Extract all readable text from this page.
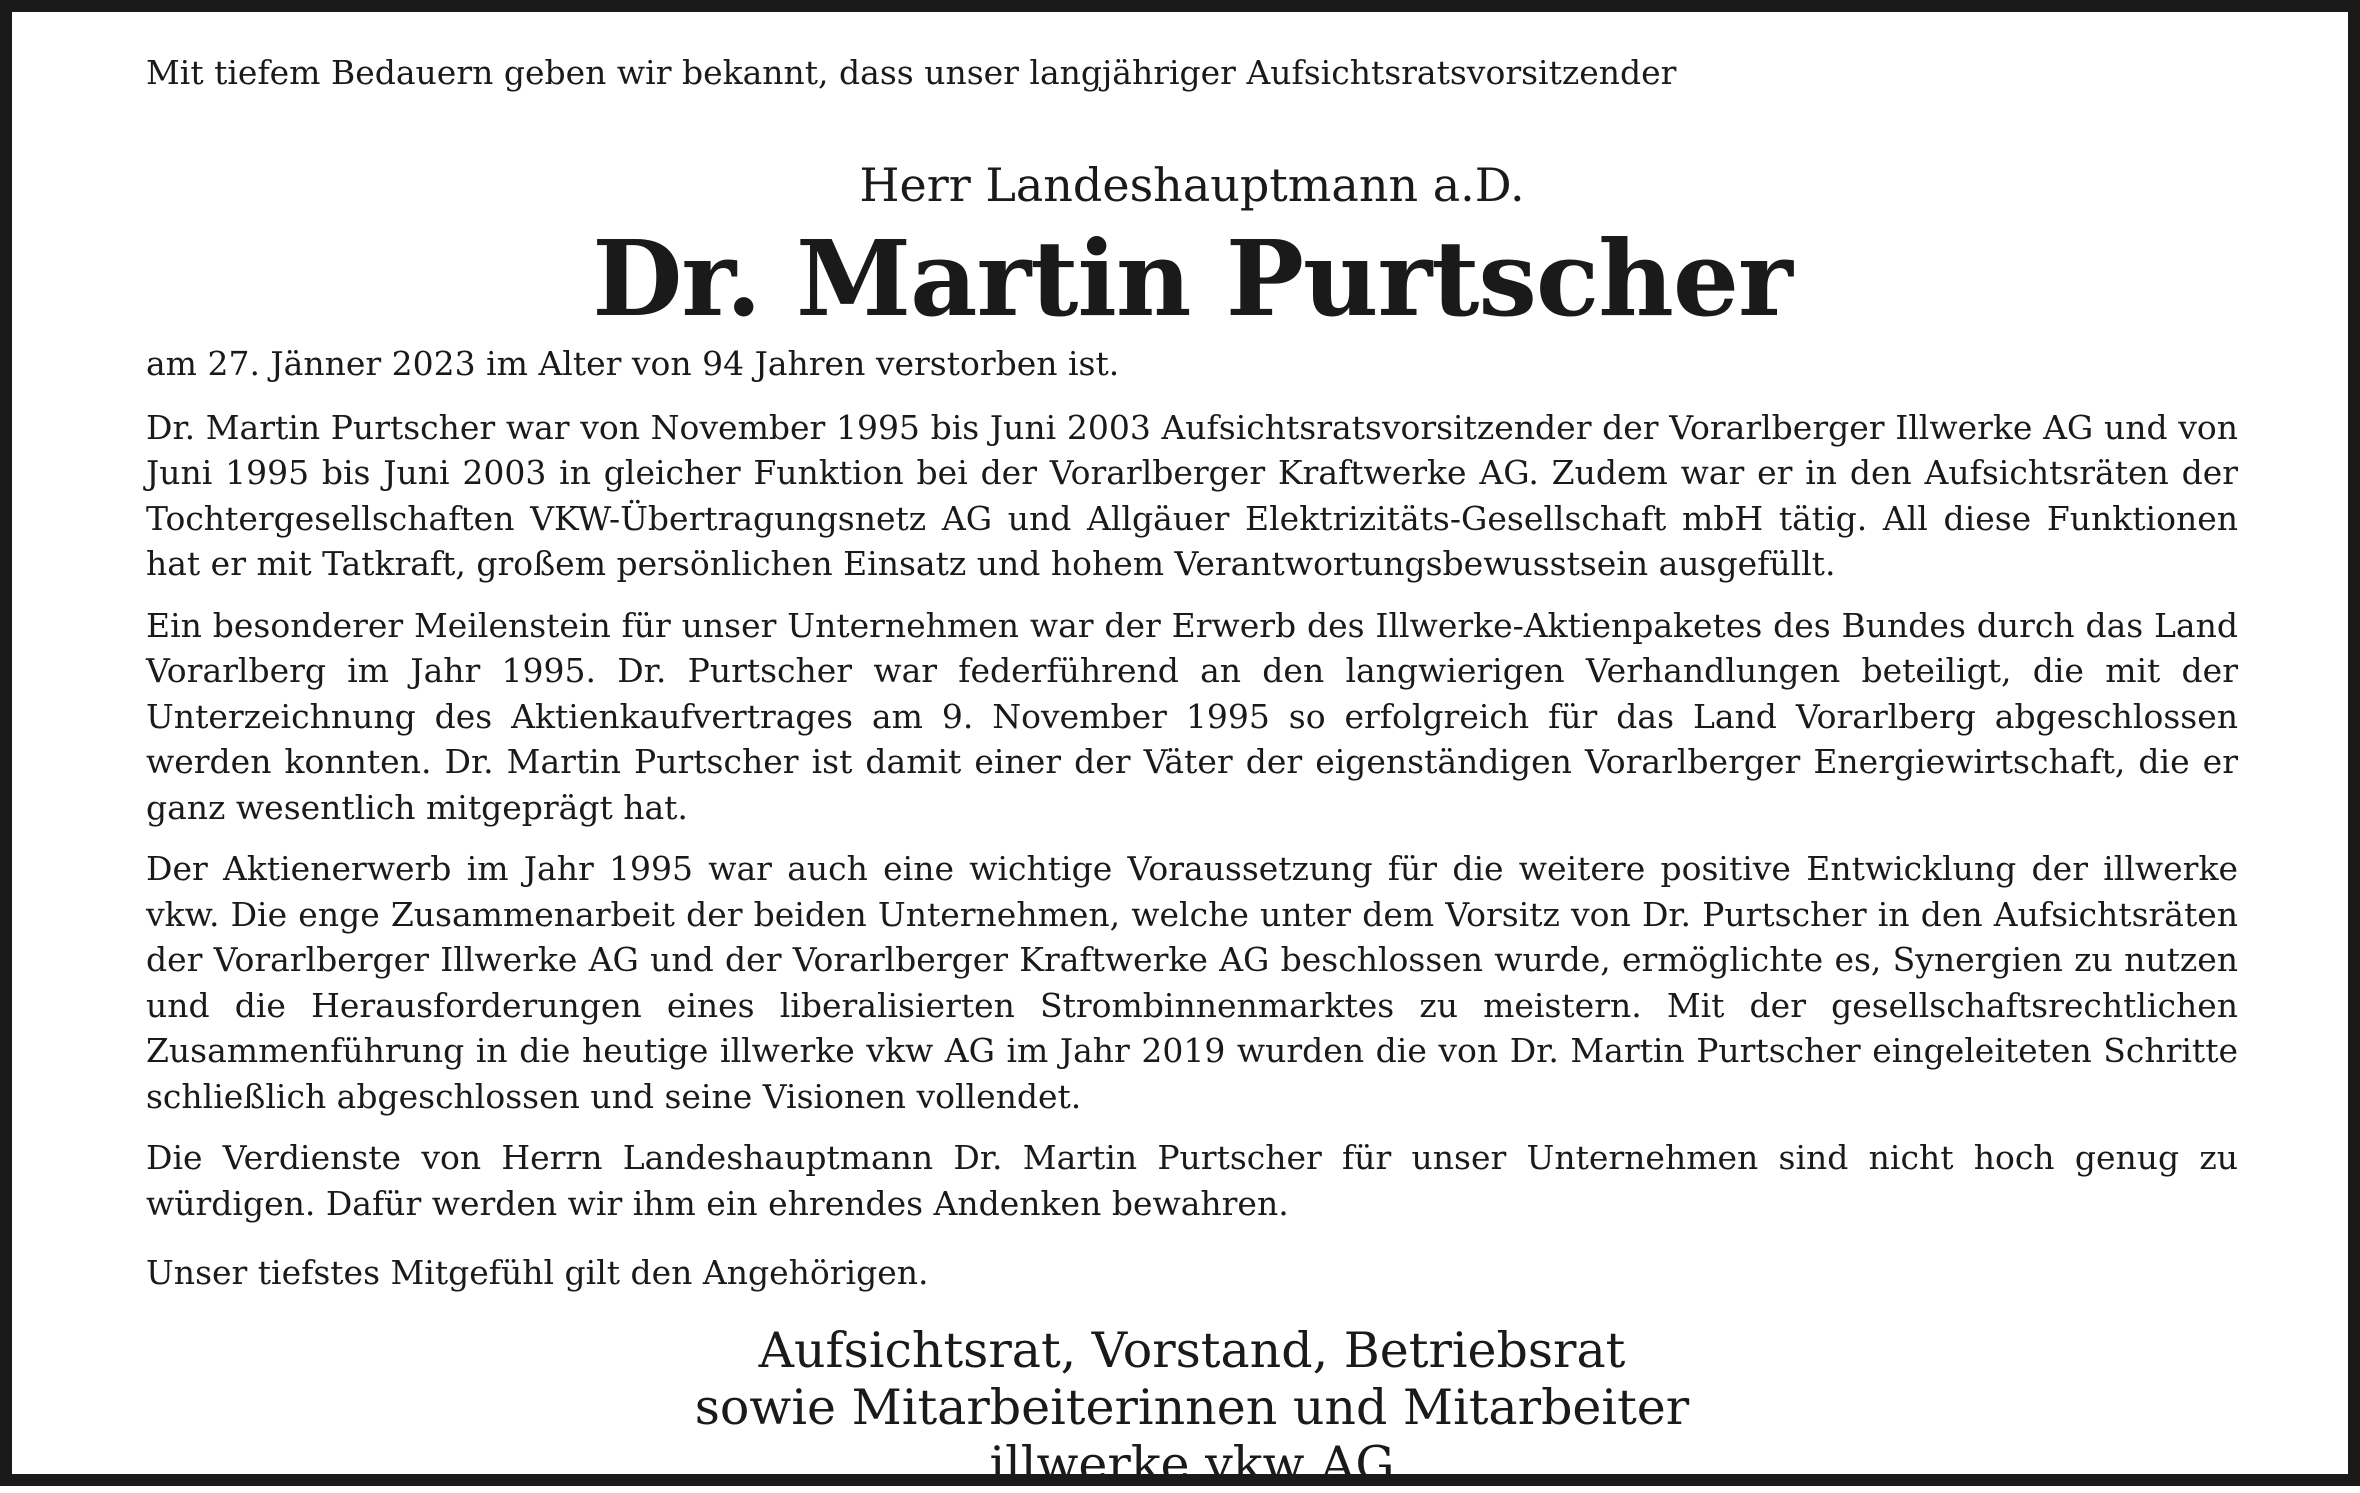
Mit tiefem Bedauern geben wir bekannt, dass unser langjähriger Aufsichtsratsvorsitzender

Herr Landeshauptmann a.D.
Dr. Martin Purtscher

am 27. Jänner 2023 im Alter von 94 Jahren verstorben ist.

Dr. Martin Purtscher war von November 1995 bis Juni 2003 Aufsichtsratsvorsitzender der Vorarlberger Illwerke AG und von Juni 1995 bis Juni 2003 in gleicher Funktion bei der Vorarlberger Kraftwerke AG. Zudem war er in den Aufsichtsräten der Tochtergesellschaften VKW-Übertragungsnetz AG und Allgäuer Elektrizitäts-Gesellschaft mbH tätig. All diese Funktionen hat er mit Tatkraft, großem persönlichen Einsatz und hohem Verantwortungsbewusstsein ausgefüllt.

Ein besonderer Meilenstein für unser Unternehmen war der Erwerb des Illwerke-Aktienpaketes des Bundes durch das Land Vorarlberg im Jahr 1995. Dr. Purtscher war federführend an den langwierigen Verhandlungen beteiligt, die mit der Unterzeichnung des Aktienkaufvertrages am 9. November 1995 so erfolgreich für das Land Vorarlberg abgeschlossen werden konnten. Dr. Martin Purtscher ist damit einer der Väter der eigenständigen Vorarlberger Energiewirtschaft, die er ganz wesentlich mitgeprägt hat.

Der Aktienerwerb im Jahr 1995 war auch eine wichtige Voraussetzung für die weitere positive Entwicklung der illwerke vkw. Die enge Zusammenarbeit der beiden Unternehmen, welche unter dem Vorsitz von Dr. Purtscher in den Aufsichtsräten der Vorarlberger Illwerke AG und der Vorarlberger Kraftwerke AG beschlossen wurde, ermöglichte es, Synergien zu nutzen und die Herausforderungen eines liberalisierten Strombinnenmarktes zu meistern. Mit der gesellschaftsrechtlichen Zusammenführung in die heutige illwerke vkw AG im Jahr 2019 wurden die von Dr. Martin Purtscher eingeleiteten Schritte schließlich abgeschlossen und seine Visionen vollendet.

Die Verdienste von Herrn Landeshauptmann Dr. Martin Purtscher für unser Unternehmen sind nicht hoch genug zu würdigen. Dafür werden wir ihm ein ehrendes Andenken bewahren.

Unser tiefstes Mitgefühl gilt den Angehörigen.

Aufsichtsrat, Vorstand, Betriebsrat
sowie Mitarbeiterinnen und Mitarbeiter
illwerke vkw AG
